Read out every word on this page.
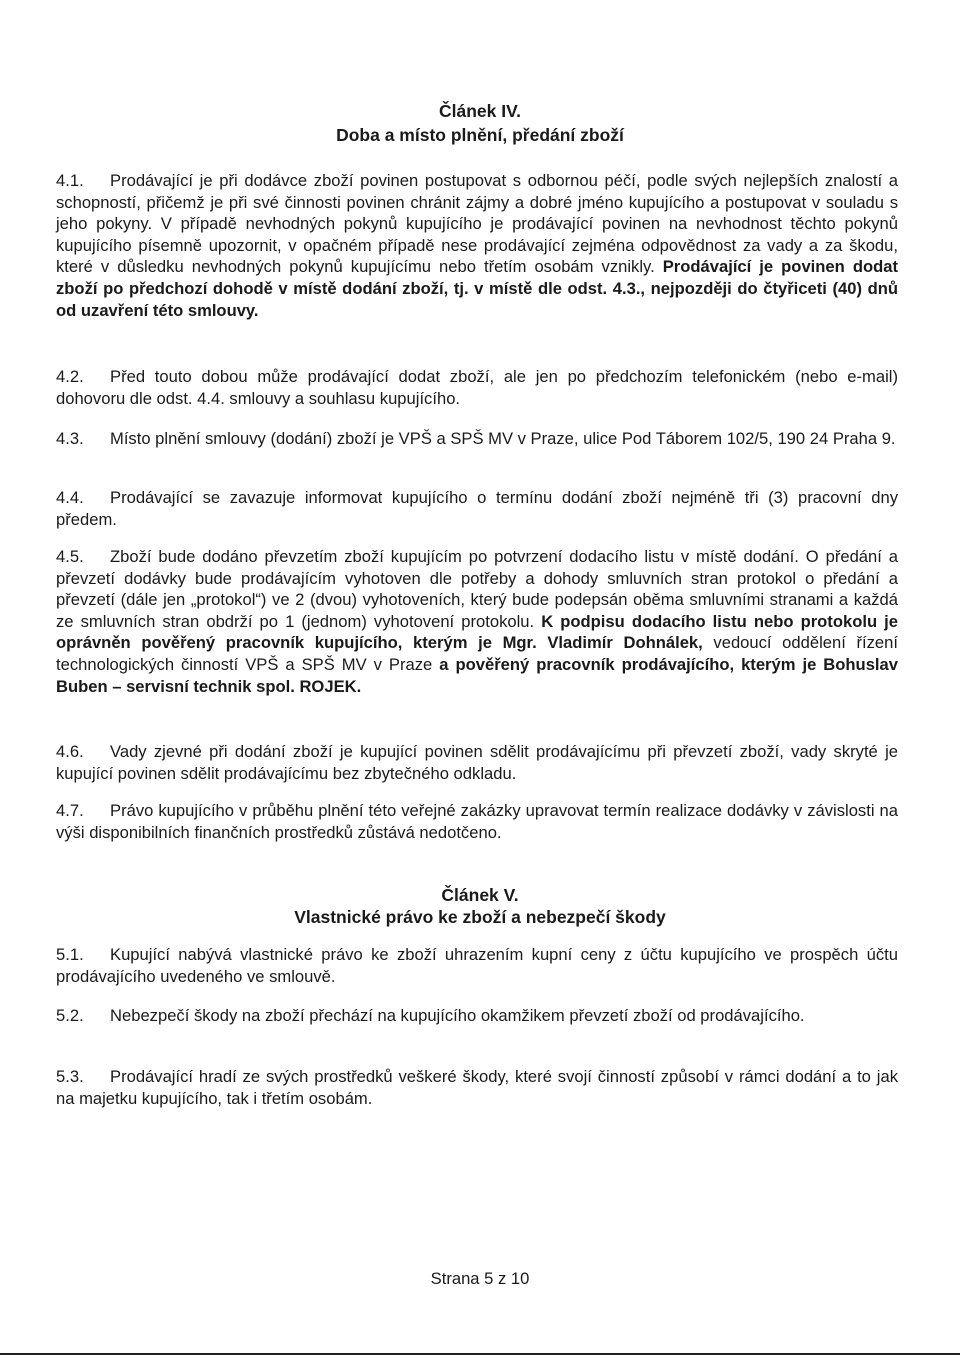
Článek IV.
Doba a místo plnění, předání zboží
4.1. Prodávající je při dodávce zboží povinen postupovat s odbornou péčí, podle svých nejlepších znalostí a schopností, přičemž je při své činnosti povinen chránit zájmy a dobré jméno kupujícího a postupovat v souladu s jeho pokyny. V případě nevhodných pokynů kupujícího je prodávající povinen na nevhodnost těchto pokynů kupujícího písemně upozornit, v opačném případě nese prodávající zejména odpovědnost za vady a za škodu, které v důsledku nevhodných pokynů kupujícímu nebo třetím osobám vznikly. Prodávající je povinen dodat zboží po předchozí dohodě v místě dodání zboží, tj. v místě dle odst. 4.3., nejpozději do čtyřiceti (40) dnů od uzavření této smlouvy.
4.2. Před touto dobou může prodávající dodat zboží, ale jen po předchozím telefonickém (nebo e-mail) dohovoru dle odst. 4.4. smlouvy a souhlasu kupujícího.
4.3. Místo plnění smlouvy (dodání) zboží je VPŠ a SPŠ MV v Praze, ulice Pod Táborem 102/5, 190 24 Praha 9.
4.4. Prodávající se zavazuje informovat kupujícího o termínu dodání zboží nejméně tři (3) pracovní dny předem.
4.5. Zboží bude dodáno převzetím zboží kupujícím po potvrzení dodacího listu v místě dodání. O předání a převzetí dodávky bude prodávajícím vyhotoven dle potřeby a dohody smluvních stran protokol o předání a převzetí (dále jen „protokol“) ve 2 (dvou) vyhotoveních, který bude podepsán oběma smluvními stranami a každá ze smluvních stran obdrží po 1 (jednom) vyhotovení protokolu. K podpisu dodacího listu nebo protokolu je oprávněn pověřený pracovník kupujícího, kterým je Mgr. Vladimír Dohnálek, vedoucí oddělení řízení technologických činností VPŠ a SPŠ MV v Praze a pověřený pracovník prodávajícího, kterým je Bohuslav Buben – servisní technik spol. ROJEK.
4.6. Vady zjevné při dodání zboží je kupující povinen sdělit prodávajícímu při převzetí zboží, vady skryté je kupující povinen sdělit prodávajícímu bez zbytečného odkladu.
4.7. Právo kupujícího v průběhu plnění této veřejné zakázky upravovat termín realizace dodávky v závislosti na výši disponibilních finančních prostředků zůstává nedotčeno.
Článek V.
Vlastnické právo ke zboží a nebezpečí škody
5.1. Kupující nabývá vlastnické právo ke zboží uhrazením kupní ceny z účtu kupujícího ve prospěch účtu prodávajícího uvedeného ve smlouvě.
5.2. Nebezpečí škody na zboží přechází na kupujícího okamžikem převzetí zboží od prodávajícího.
5.3. Prodávající hradí ze svých prostředků veškeré škody, které svojí činností způsobí v rámci dodání a to jak na majetku kupujícího, tak i třetím osobám.
Strana 5 z 10
